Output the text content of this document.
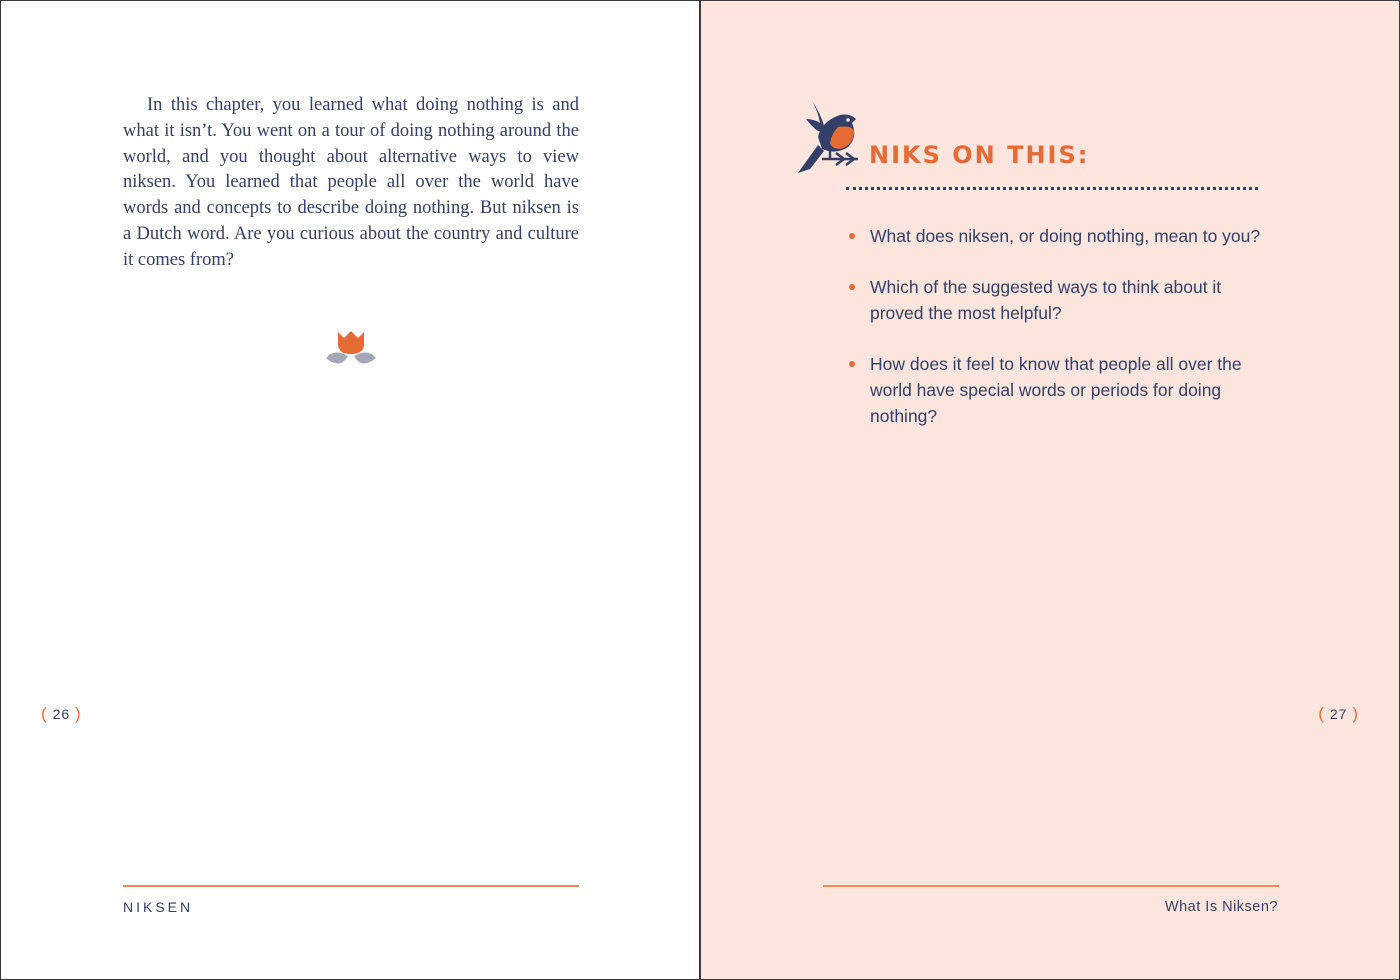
In this chapter, you learned what doing nothing is and what it isn’t. You went on a tour of doing nothing around the world, and you thought about alternative ways to view niksen. You learned that people all over the world have words and concepts to describe doing nothing. But niksen is a Dutch word. Are you curious about the country and culture it comes from?

( 26 )
NIKSEN
NIKS ON THIS:
What does niksen, or doing nothing, mean to you?
Which of the suggested ways to think about it proved the most helpful?
How does it feel to know that people all over the world have special words or periods for doing nothing?
( 27 )
What Is Niksen?
